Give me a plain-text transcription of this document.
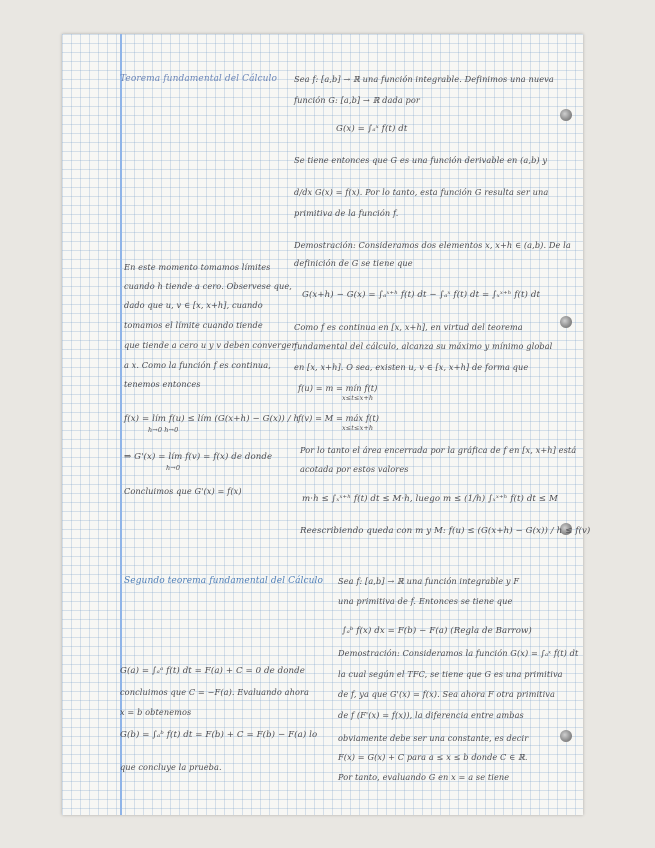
Teorema fundamental del Cálculo Sea f: [a,b] → ℝ una función integrable. Definimos una nueva
función G: [a,b] → ℝ dada por
G(x) = ∫ₐˣ f(t) dt
Se tiene entonces que G es una función derivable en (a,b) y
d/dx G(x) = f(x). Por lo tanto, esta función G resulta ser una
primitiva de la función f.
Demostración: Consideramos dos elementos x, x+h ∈ (a,b). De la
definición de G se tiene que
G(x+h) − G(x) = ∫ₐˣ⁺ʰ f(t) dt − ∫ₐˣ f(t) dt = ∫ₓˣ⁺ʰ f(t) dt
Como f es continua en [x, x+h], en virtud del teorema
fundamental del cálculo, alcanza su máximo y mínimo global
en [x, x+h]. O sea, existen u, v ∈ [x, x+h] de forma que
f(u) = m = mín f(t)
x≤t≤x+h
f(v) = M = máx f(t)
x≤t≤x+h
Por lo tanto el área encerrada por la gráfica de f en [x, x+h] está
acotada por estos valores
m·h ≤ ∫ₓˣ⁺ʰ f(t) dt ≤ M·h, luego m ≤ (1/h) ∫ₓˣ⁺ʰ f(t) dt ≤ M
Reescribiendo queda con m y M: f(u) ≤ (G(x+h) − G(x)) / h ≤ f(v)
En este momento tomamos límites
cuando h tiende a cero. Observese que,
dado que u, v ∈ [x, x+h], cuando
tomamos el límite cuando tiende
que tiende a cero u y v deben converger
a x. Como la función f es continua,
tenemos entonces
f(x) = lím f(u) ≤ lím (G(x+h) − G(x)) / h
h→0 h→0
⇒ G'(x) = lím f(v) = f(x) de donde
h→0
Concluimos que G'(x) = f(x)
Segundo teorema fundamental del Cálculo Sea f: [a,b] → ℝ una función integrable y F
una primitiva de f. Entonces se tiene que
∫ₐᵇ f(x) dx = F(b) − F(a) (Regla de Barrow)
Demostración: Consideramos la función G(x) = ∫ₐˣ f(t) dt
la cual según el TFC, se tiene que G es una primitiva
de f, ya que G'(x) = f(x). Sea ahora F otra primitiva
de f (F'(x) = f(x)), la diferencia entre ambas
obviamente debe ser una constante, es decir
F(x) = G(x) + C para a ≤ x ≤ b donde C ∈ ℝ.
Por tanto, evaluando G en x = a se tiene
G(a) = ∫ₐᵃ f(t) dt = F(a) + C = 0 de donde
concluimos que C = −F(a). Evaluando ahora
x = b obtenemos
G(b) = ∫ₐᵇ f(t) dt = F(b) + C = F(b) − F(a) lo
que concluye la prueba.
